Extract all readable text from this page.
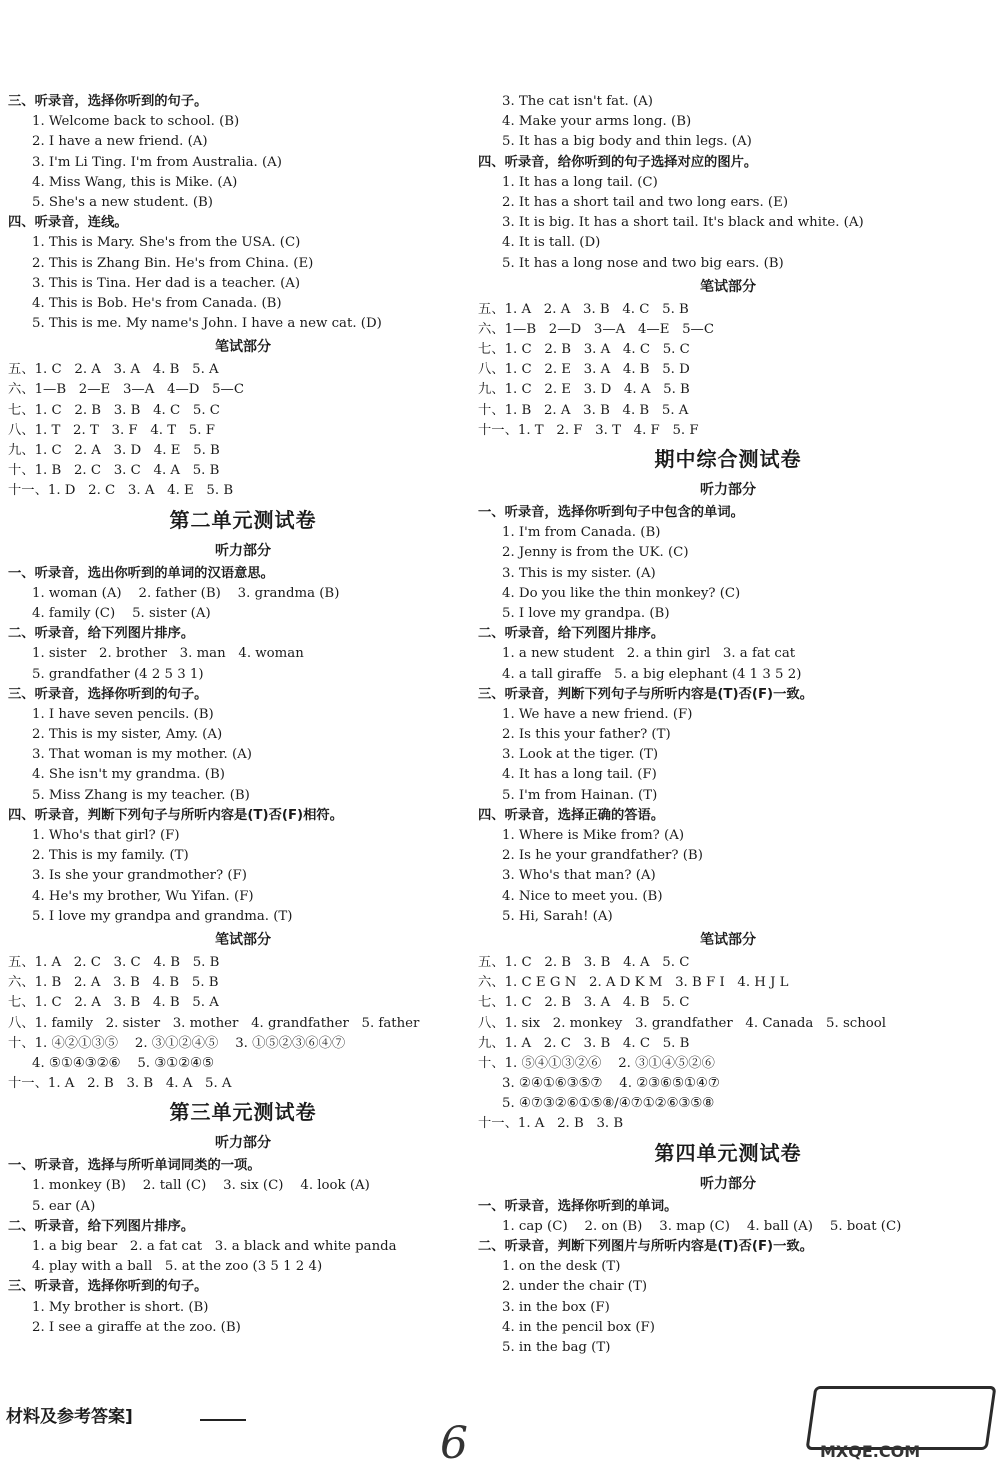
三、听录音，选择你听到的句子。
1. Welcome back to school. (B)
2. I have a new friend. (A)
3. I'm Li Ting. I'm from Australia. (A)
4. Miss Wang, this is Mike. (A)
5. She's a new student. (B)
四、听录音，连线。
1. This is Mary. She's from the USA. (C)
2. This is Zhang Bin. He's from China. (E)
3. This is Tina. Her dad is a teacher. (A)
4. This is Bob. He's from Canada. (B)
5. This is me. My name's John. I have a new cat. (D)
笔试部分
五、1. C   2. A   3. A   4. B   5. A
六、1—B   2—E   3—A   4—D   5—C
七、1. C   2. B   3. B   4. C   5. C
八、1. T   2. T   3. F   4. T   5. F
九、1. C   2. A   3. D   4. E   5. B
十、1. B   2. C   3. C   4. A   5. B
十一、1. D   2. C   3. A   4. E   5. B
第二单元测试卷
听力部分
一、听录音，选出你听到的单词的汉语意思。
1. woman (A)    2. father (B)    3. grandma (B)
4. family (C)    5. sister (A)
二、听录音，给下列图片排序。
1. sister   2. brother   3. man   4. woman
5. grandfather (4 2 5 3 1)
三、听录音，选择你听到的句子。
1. I have seven pencils. (B)
2. This is my sister, Amy. (A)
3. That woman is my mother. (A)
4. She isn't my grandma. (B)
5. Miss Zhang is my teacher. (B)
四、听录音，判断下列句子与所听内容是(T)否(F)相符。
1. Who's that girl? (F)
2. This is my family. (T)
3. Is she your grandmother? (F)
4. He's my brother, Wu Yifan. (F)
5. I love my grandpa and grandma. (T)
笔试部分
五、1. A   2. C   3. C   4. B   5. B
六、1. B   2. A   3. B   4. B   5. B
七、1. C   2. A   3. B   4. B   5. A
八、1. family   2. sister   3. mother   4. grandfather   5. father
十、1. ④②①③⑤    2. ③①②④⑤    3. ①⑤②③⑥④⑦
4. ⑤①④③②⑥    5. ③①②④⑤
十一、1. A   2. B   3. B   4. A   5. A
第三单元测试卷
听力部分
一、听录音，选择与所听单词同类的一项。
1. monkey (B)    2. tall (C)    3. six (C)    4. look (A)
5. ear (A)
二、听录音，给下列图片排序。
1. a big bear   2. a fat cat   3. a black and white panda
4. play with a ball   5. at the zoo (3 5 1 2 4)
三、听录音，选择你听到的句子。
1. My brother is short. (B)
2. I see a giraffe at the zoo. (B)
3. The cat isn't fat. (A)
4. Make your arms long. (B)
5. It has a big body and thin legs. (A)
四、听录音，给你听到的句子选择对应的图片。
1. It has a long tail. (C)
2. It has a short tail and two long ears. (E)
3. It is big. It has a short tail. It's black and white. (A)
4. It is tall. (D)
5. It has a long nose and two big ears. (B)
笔试部分
五、1. A   2. A   3. B   4. C   5. B
六、1—B   2—D   3—A   4—E   5—C
七、1. C   2. B   3. A   4. C   5. C
八、1. C   2. E   3. A   4. B   5. D
九、1. C   2. E   3. D   4. A   5. B
十、1. B   2. A   3. B   4. B   5. A
十一、1. T   2. F   3. T   4. F   5. F
期中综合测试卷
听力部分
一、听录音，选择你听到句子中包含的单词。
1. I'm from Canada. (B)
2. Jenny is from the UK. (C)
3. This is my sister. (A)
4. Do you like the thin monkey? (C)
5. I love my grandpa. (B)
二、听录音，给下列图片排序。
1. a new student   2. a thin girl   3. a fat cat
4. a tall giraffe   5. a big elephant (4 1 3 5 2)
三、听录音，判断下列句子与所听内容是(T)否(F)一致。
1. We have a new friend. (F)
2. Is this your father? (T)
3. Look at the tiger. (T)
4. It has a long tail. (F)
5. I'm from Hainan. (T)
四、听录音，选择正确的答语。
1. Where is Mike from? (A)
2. Is he your grandfather? (B)
3. Who's that man? (A)
4. Nice to meet you. (B)
5. Hi, Sarah! (A)
笔试部分
五、1. C   2. B   3. B   4. A   5. C
六、1. C E G N   2. A D K M   3. B F I   4. H J L
七、1. C   2. B   3. A   4. B   5. C
八、1. six   2. monkey   3. grandfather   4. Canada   5. school
九、1. A   2. C   3. B   4. C   5. B
十、1. ⑤④①③②⑥    2. ③①④⑤②⑥
3. ②④①⑥③⑤⑦    4. ②③⑥⑤①④⑦
5. ④⑦③②⑥①⑤⑧/④⑦①②⑥③⑤⑧
十一、1. A   2. B   3. B
第四单元测试卷
听力部分
一、听录音，选择你听到的单词。
1. cap (C)    2. on (B)    3. map (C)    4. ball (A)    5. boat (C)
二、听录音，判断下列图片与所听内容是(T)否(F)一致。
1. on the desk (T)
2. under the chair (T)
3. in the box (F)
4. in the pencil box (F)
5. in the bag (T)
材料及参考答案]
6	MXQE.COM
